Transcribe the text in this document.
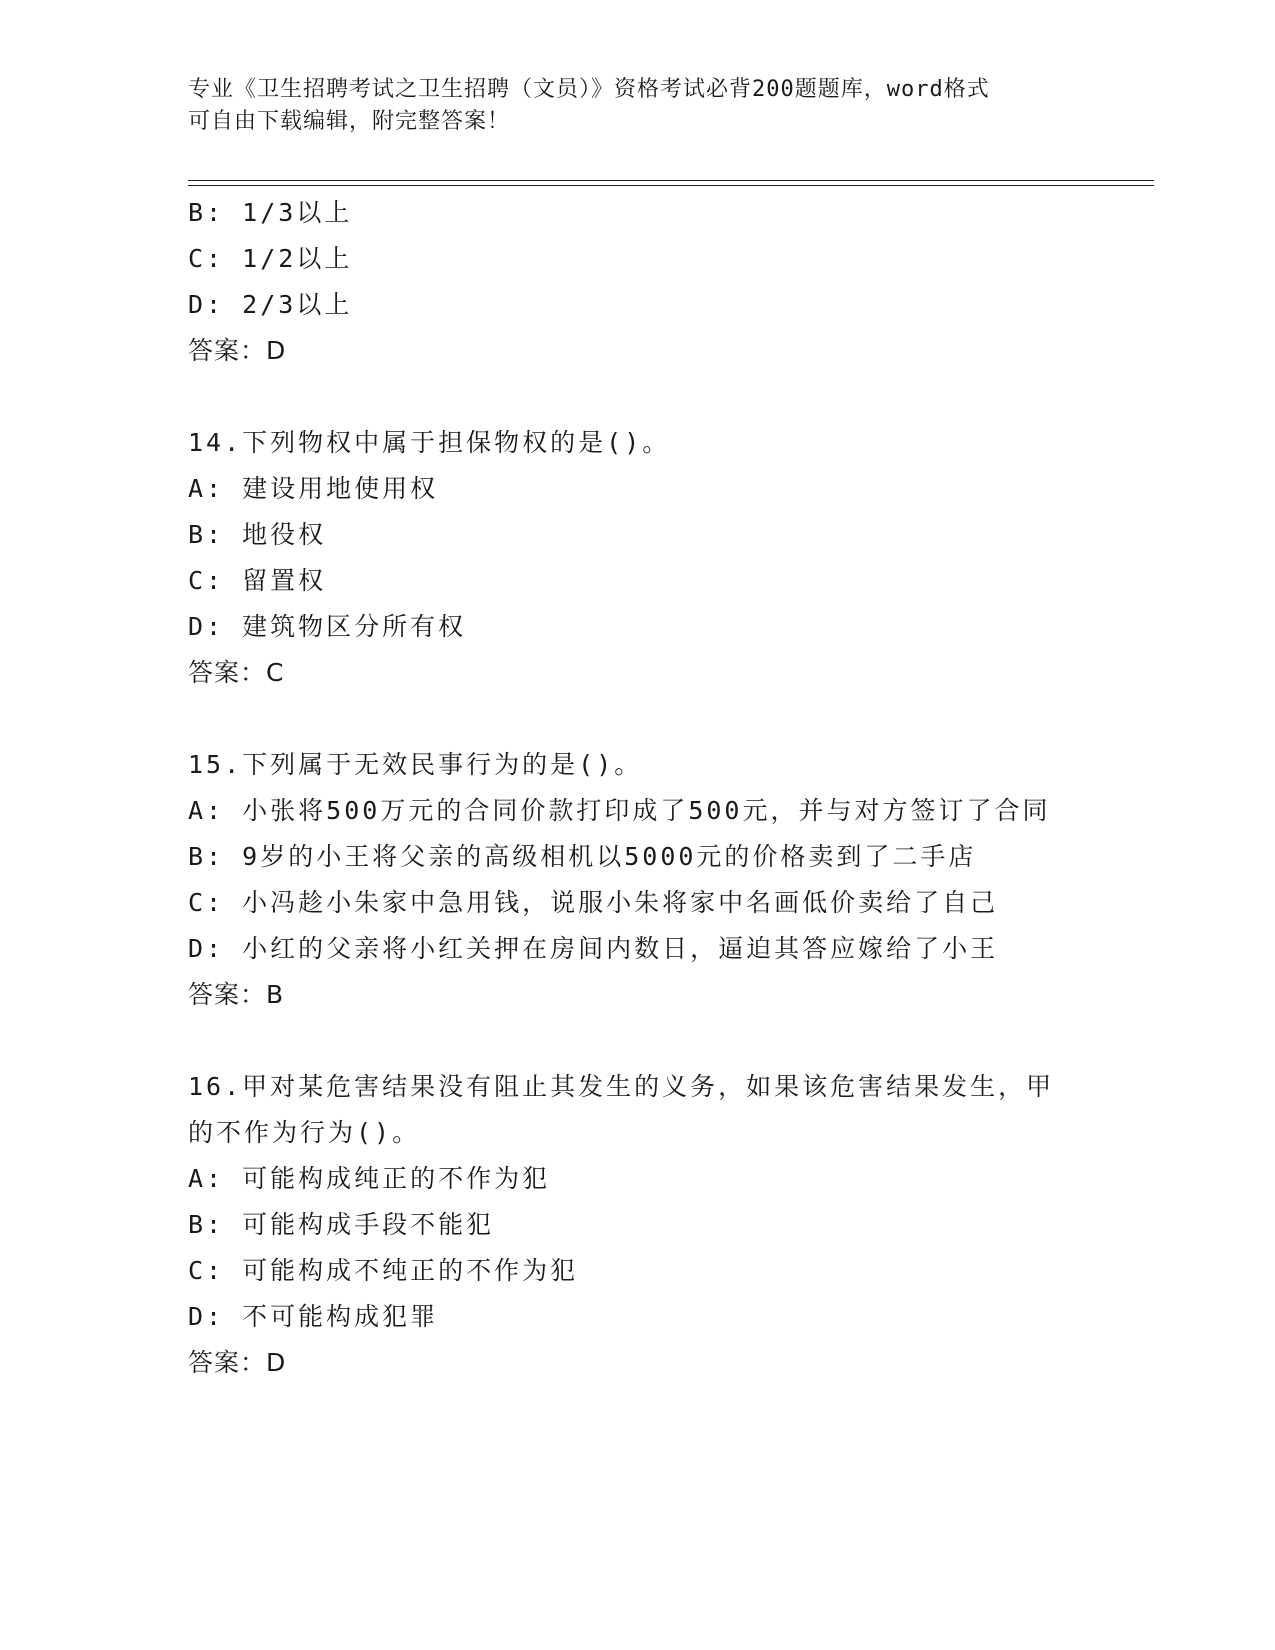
专业《卫生招聘考试之卫生招聘（文员）》资格考试必背200题题库，word格式
可自由下载编辑，附完整答案！
B: 1/3以上
C: 1/2以上
D: 2/3以上
答案：D
14.下列物权中属于担保物权的是()。
A: 建设用地使用权
B: 地役权
C: 留置权
D: 建筑物区分所有权
答案：C
15.下列属于无效民事行为的是()。
A: 小张将500万元的合同价款打印成了500元，并与对方签订了合同
B: 9岁的小王将父亲的高级相机以5000元的价格卖到了二手店
C: 小冯趁小朱家中急用钱，说服小朱将家中名画低价卖给了自己
D: 小红的父亲将小红关押在房间内数日，逼迫其答应嫁给了小王
答案：B
16.甲对某危害结果没有阻止其发生的义务，如果该危害结果发生，甲
的不作为行为()。
A: 可能构成纯正的不作为犯
B: 可能构成手段不能犯
C: 可能构成不纯正的不作为犯
D: 不可能构成犯罪
答案：D
